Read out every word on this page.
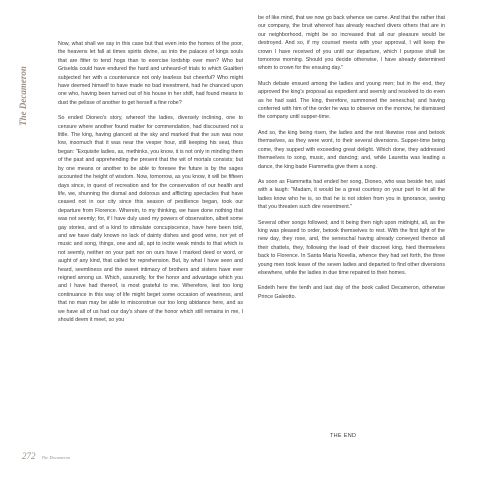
The Decameron

Now, what shall we say in this case but that even into the homes of the poor, the heavens let fall at times spirits divine, as into the palaces of kings souls that are fitter to tend hogs than to exercise lordship over men? Who but Griselda could have endured the hard and unheard-of trials to which Gualtieri subjected her with a countenance not only tearless but cheerful? Who might have deemed himself to have made no bad investment, had he chanced upon one who, having been turned out of his house in her shift, had found means to dust the pelisse of another to get herself a fine robe?

So ended Dioneo's story, whereof the ladies, diversely inclining, one to censure where another found matter for commendation, had discoursed not a little. The king, having glanced at the sky and marked that the sun was now low, insomuch that it was near the vesper hour, still keeping his seat, thus began: "Exquisite ladies, as, methinks, you know, it is not only in minding them of the past and apprehending the present that the wit of mortals consists; but by one means or another to be able to foresee the future is by the sages accounted the height of wisdom. Now, tomorrow, as you know, it will be fifteen days since, in quest of recreation and for the conservation of our health and life, we, shunning the dismal and dolorous and afflicting spectacles that have ceased not in our city since this season of pestilence began, took our departure from Florence. Wherein, to my thinking, we have done nothing that was not seemly; for, if I have duly used my powers of observation, albeit some gay stories, and of a kind to stimulate concupiscence, have here been told, and we have daily known no lack of dainty dishes and good wine, nor yet of music and song, things, one and all, apt to incite weak minds to that which is not seemly, neither on your part nor on ours have I marked deed or word, or aught of any kind, that called for reprehension. But, by what I have seen and heard, seemliness and the sweet intimacy of brothers and sisters have ever reigned among us. Which, assuredly, for the honor and advantage which you and I have had thereof, is most grateful to me. Wherefore, lest too long continuance in this way of life might beget some occasion of weariness, and that no man may be able to misconstrue our too long abidance here, and as we have all of us had our day's share of the honor which still remains in me, I should deem it meet, so you

be of like mind, that we now go back whence we came. And that the rather that our company, the bruit whereof has already reached divers others that are in our neighborhood, might be so increased that all our pleasure would be destroyed. And so, if my counsel meets with your approval, I will keep the crown I have received of you until our departure, which I purpose shall be tomorrow morning. Should you decide otherwise, I have already determined whom to crown for the ensuing day."

Much debate ensued among the ladies and young men; but in the end, they approved the king's proposal as expedient and seemly and resolved to do even as he had said. The king, therefore, summoned the seneschal; and having conferred with him of the order he was to observe on the morrow, he dismissed the company until supper-time.

And so, the king being risen, the ladies and the rest likewise rose and betook themselves, as they were wont, to their several diversions. Supper-time being come, they supped with exceeding great delight. Which done, they addressed themselves to song, music, and dancing; and, while Lauretta was leading a dance, the king bade Fiammetta give them a song.

As soon as Fiammetta had ended her song, Dioneo, who was beside her, said with a laugh: "Madam, it would be a great courtesy on your part to let all the ladies know who he is, so that he is not stolen from you in ignorance, seeing that you threaten such dire resentment."

Several other songs followed; and it being then nigh upon midnight, all, as the king was pleased to order, betook themselves to rest. With the first light of the new day, they rose, and, the seneschal having already conveyed thence all their chattels, they, following the lead of their discreet king, hied themselves back to Florence. In Santa Maria Novella, whence they had set forth, the three young men took leave of the seven ladies and departed to find other diversions elsewhere, while the ladies in due time repaired to their homes.

Endeth here the tenth and last day of the book called Decameron, otherwise Prince Galeotto.

THE END
272 The Decameron
